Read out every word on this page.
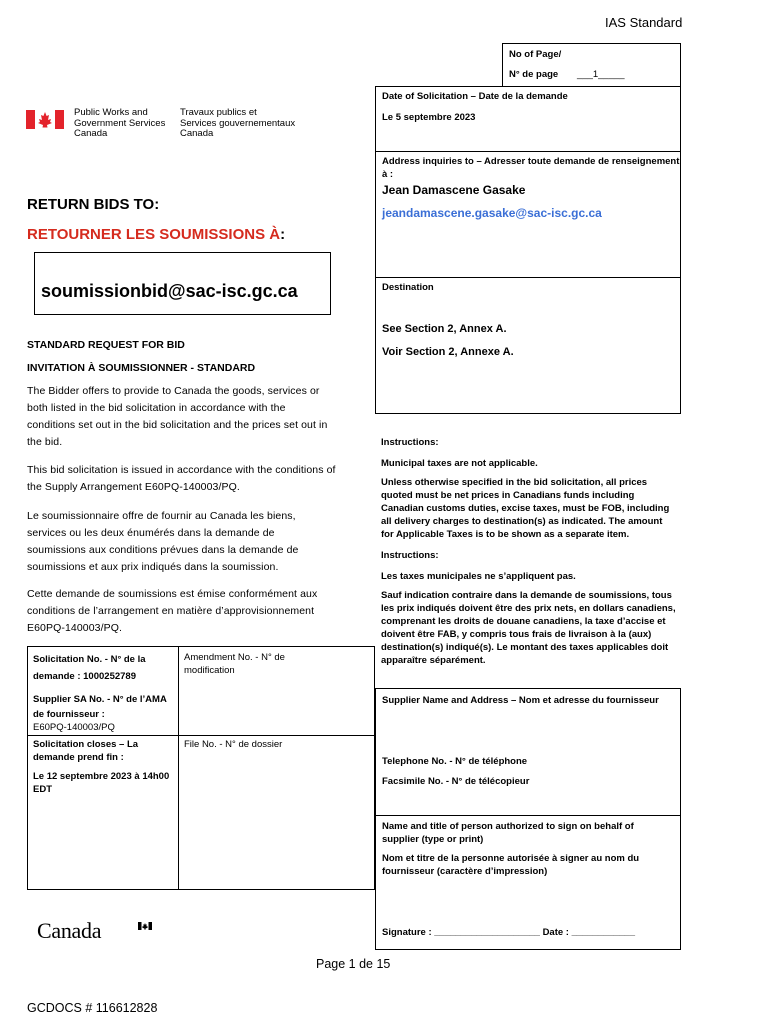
IAS Standard
No of Page/
N° de page ___1_____
Date of Solicitation – Date de la demande
Le 5 septembre 2023
Address inquiries to – Adresser toute demande de renseignement à :
Jean Damascene Gasake
jeandamascene.gasake@sac-isc.gc.ca
Destination
See Section 2, Annex A.
Voir Section 2, Annexe A.
Public Works and
Government Services
Canada
Travaux publics et
Services gouvernementaux
Canada
RETURN BIDS TO:
RETOURNER LES SOUMISSIONS À:
soumissionbid@sac-isc.gc.ca
STANDARD REQUEST FOR BID
INVITATION À SOUMISSIONNER - STANDARD
The Bidder offers to provide to Canada the goods, services or both listed in the bid solicitation in accordance with the conditions set out in the bid solicitation and the prices set out in the bid.
This bid solicitation is issued in accordance with the conditions of the Supply Arrangement E60PQ-140003/PQ.
Le soumissionnaire offre de fournir au Canada les biens, services ou les deux énumérés dans la demande de soumissions aux conditions prévues dans la demande de soumissions et aux prix indiqués dans la soumission.
Cette demande de soumissions est émise conformément aux conditions de l’arrangement en matière d’approvisionnement E60PQ-140003/PQ.
Instructions:
Municipal taxes are not applicable.
Unless otherwise specified in the bid solicitation, all prices quoted must be net prices in Canadians funds including Canadian customs duties, excise taxes, must be FOB, including all delivery charges to destination(s) as indicated. The amount for Applicable Taxes is to be shown as a separate item.
Instructions:
Les taxes municipales ne s’appliquent pas.
Sauf indication contraire dans la demande de soumissions, tous les prix indiqués doivent être des prix nets, en dollars canadiens, comprenant les droits de douane canadiens, la taxe d’accise et doivent être FAB, y compris tous frais de livraison à la (aux) destination(s) indiqué(s). Le montant des taxes applicables doit apparaître séparément.
Solicitation No. - N° de la demande : 1000252789
Amendment No. - N° de modification
Supplier SA No. - N° de l’AMA de fournisseur :
E60PQ-140003/PQ
Solicitation closes – La demande prend fin :
Le 12 septembre 2023 à 14h00 EDT
File No. - N° de dossier
Supplier Name and Address – Nom et adresse du fournisseur
Telephone No. - N° de téléphone
Facsimile No. - N° de télécopieur
Name and title of person authorized to sign on behalf of supplier (type or print)
Nom et titre de la personne autorisée à signer au nom du fournisseur (caractère d’impression)
Signature : ____________________ Date : ____________
Canada
Page 1 de 15
GCDOCS # 116612828
